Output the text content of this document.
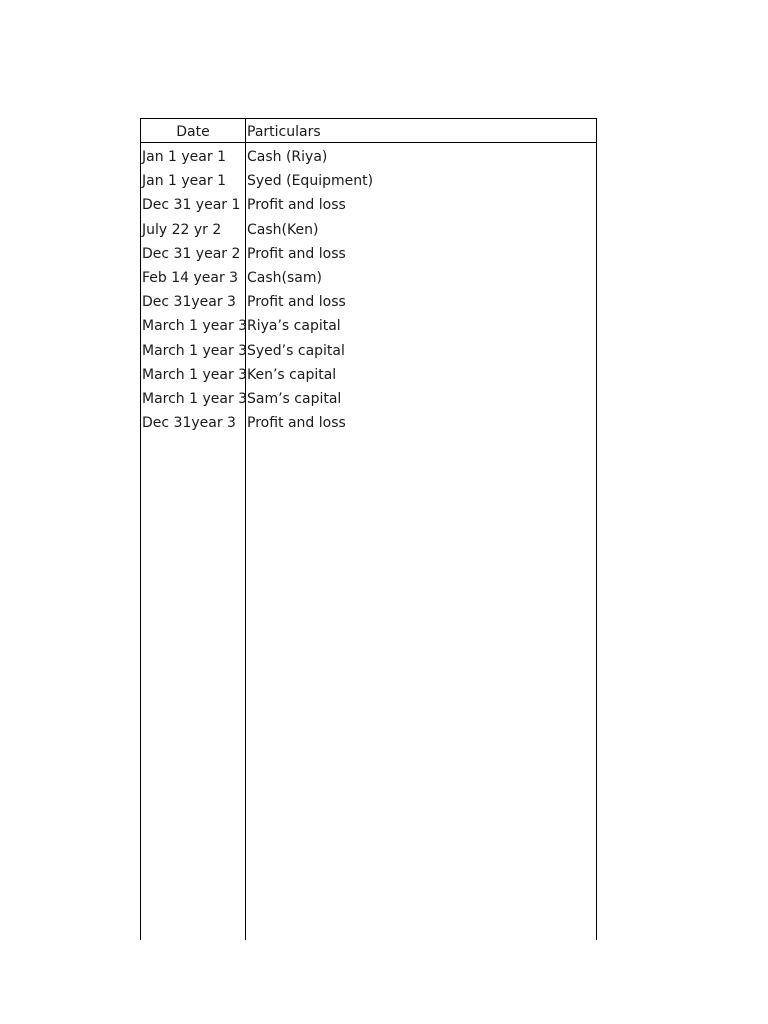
Date	Particulars
Jan 1 year 1	Cash (Riya)
Jan 1 year 1	Syed (Equipment)
Dec 31 year 1 Profit and loss
July 22 yr 2	Cash(Ken)
Dec 31 year 2 Profit and loss
Feb 14 year 3 Cash(sam)
Dec 31year 3 Profit and loss
March 1 year 3 Riya’s capital
March 1 year 3 Syed’s capital
March 1 year 3 Ken’s capital
March 1 year 3 Sam’s capital
Dec 31year 3 Profit and loss
